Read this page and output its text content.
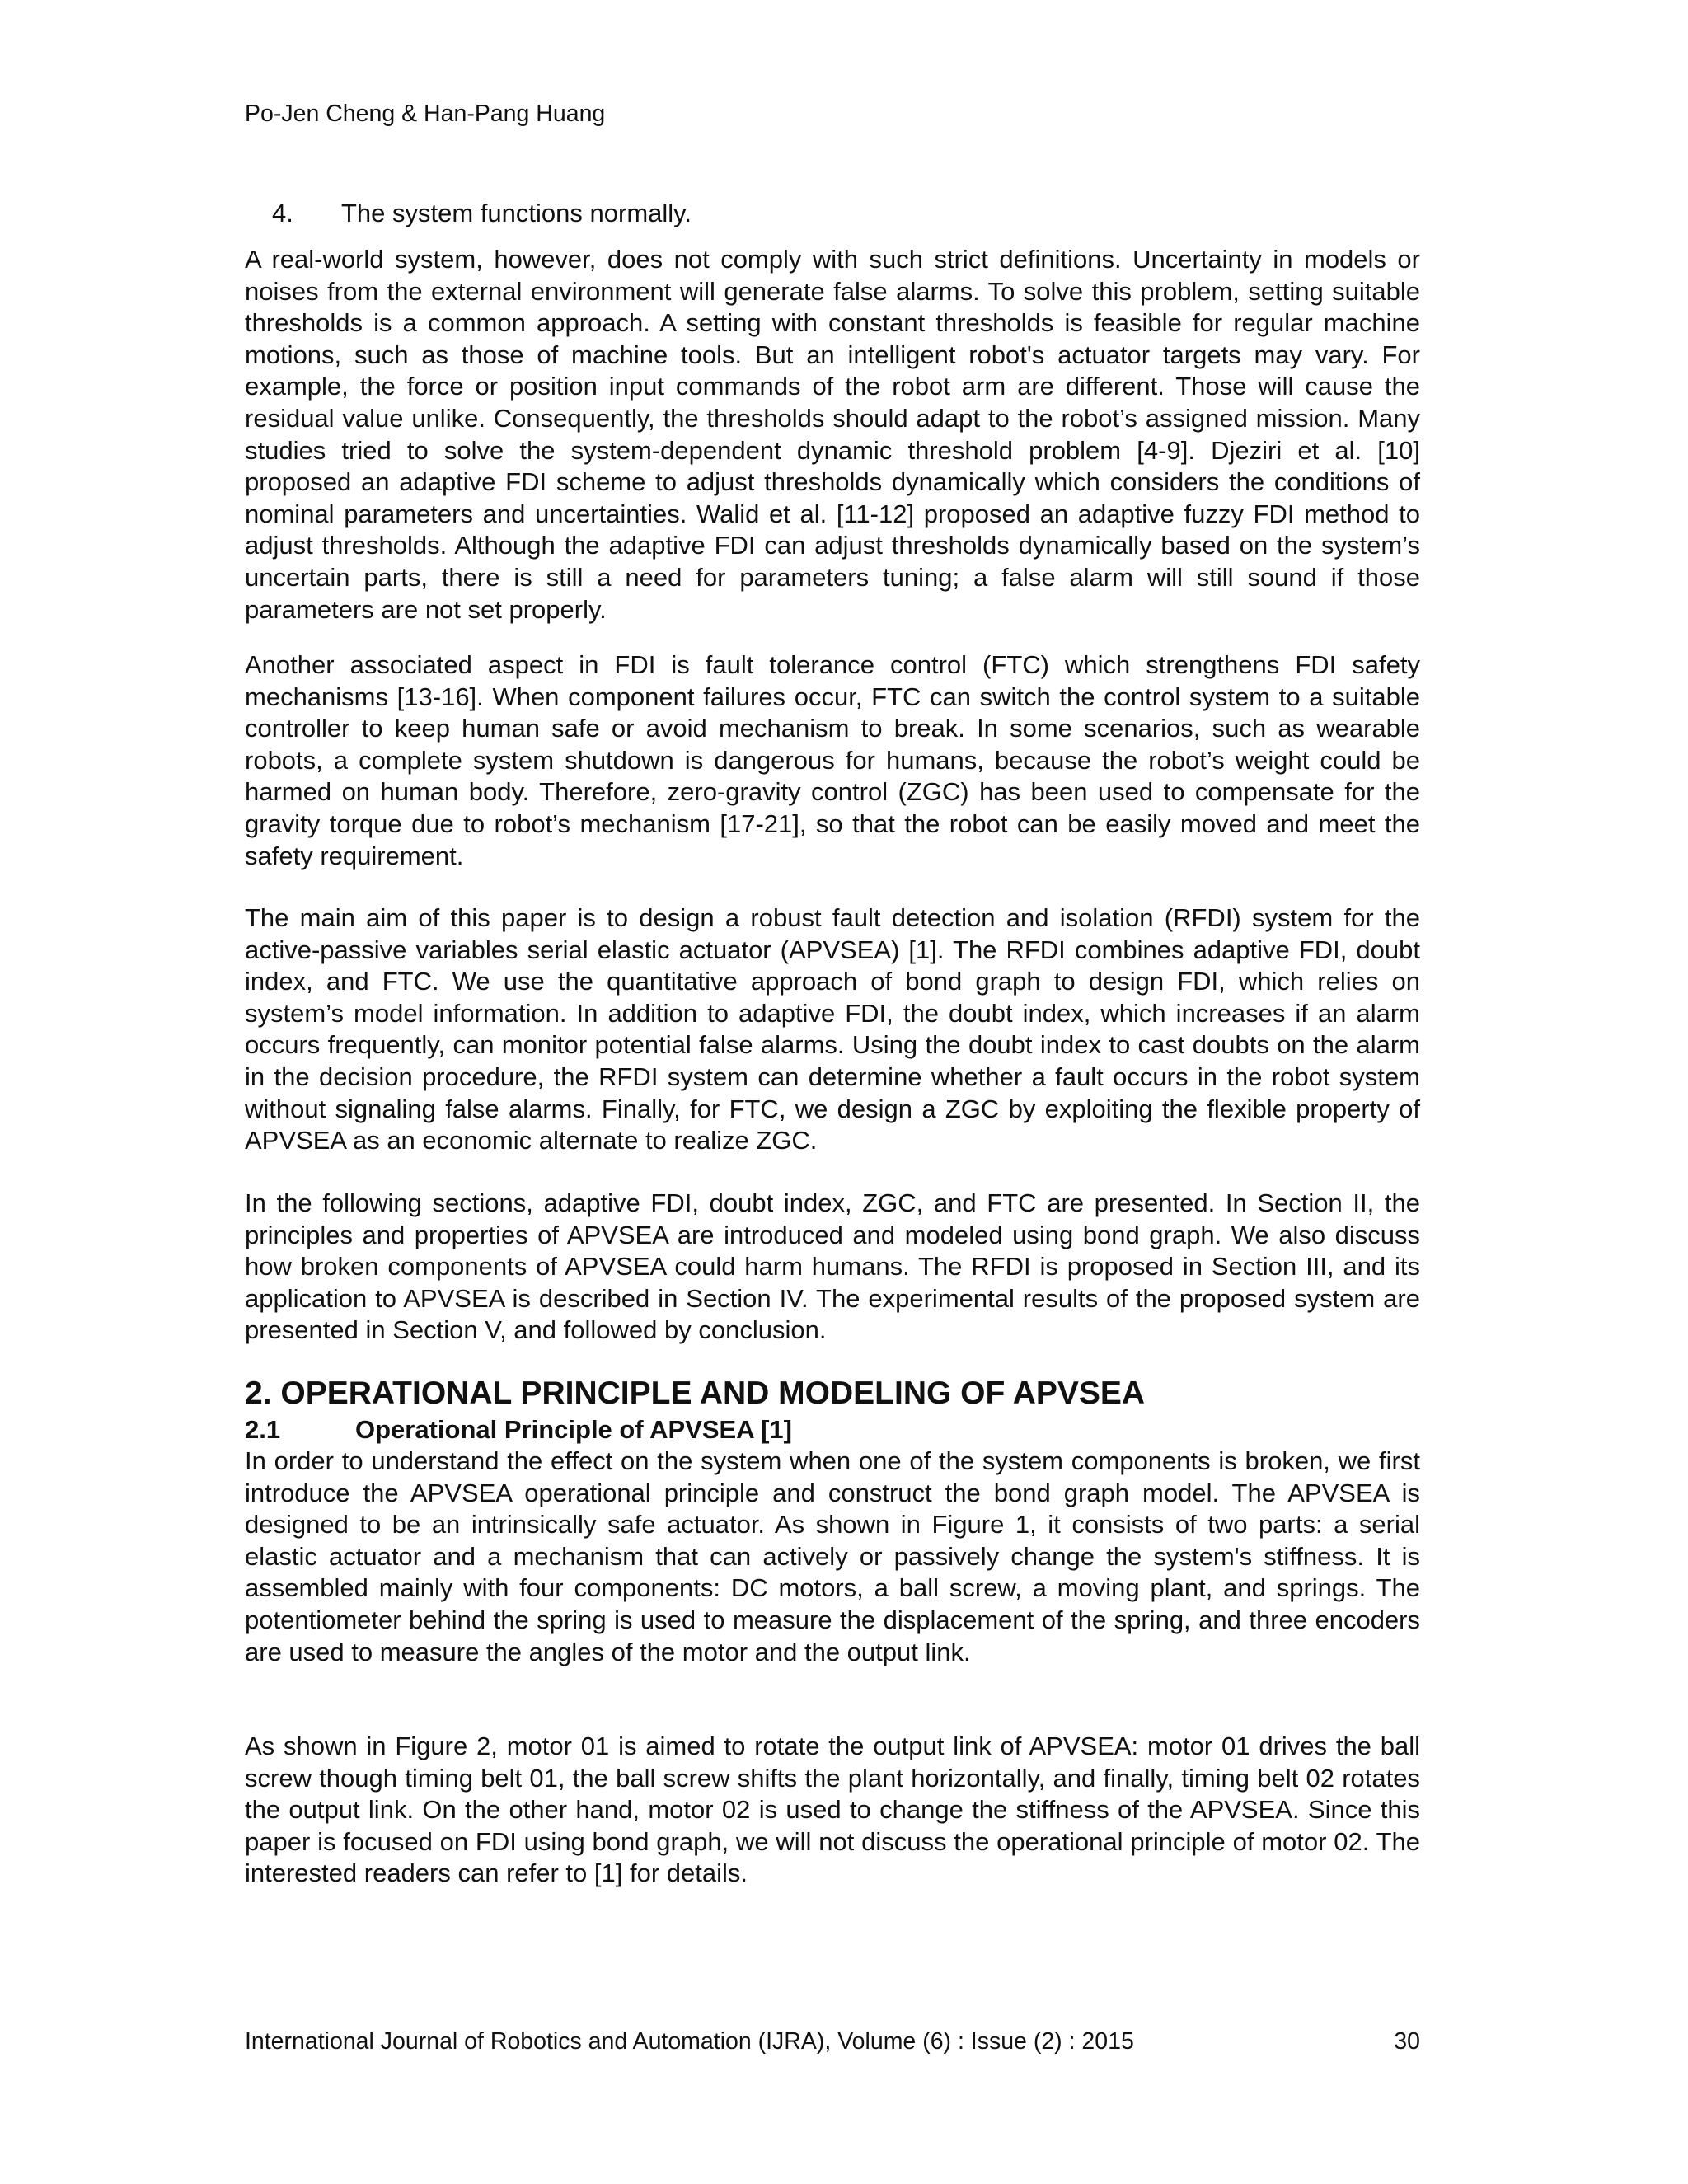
Po-Jen Cheng & Han-Pang Huang
4. The system functions normally.

A real-world system, however, does not comply with such strict definitions. Uncertainty in models or noises from the external environment will generate false alarms. To solve this problem, setting suitable thresholds is a common approach. A setting with constant thresholds is feasible for regular machine motions, such as those of machine tools. But an intelligent robot's actuator targets may vary. For example, the force or position input commands of the robot arm are different. Those will cause the residual value unlike. Consequently, the thresholds should adapt to the robot’s assigned mission. Many studies tried to solve the system-dependent dynamic threshold problem [4-9]. Djeziri et al. [10] proposed an adaptive FDI scheme to adjust thresholds dynamically which considers the conditions of nominal parameters and uncertainties. Walid et al. [11-12] proposed an adaptive fuzzy FDI method to adjust thresholds. Although the adaptive FDI can adjust thresholds dynamically based on the system’s uncertain parts, there is still a need for parameters tuning; a false alarm will still sound if those parameters are not set properly.

Another associated aspect in FDI is fault tolerance control (FTC) which strengthens FDI safety mechanisms [13-16]. When component failures occur, FTC can switch the control system to a suitable controller to keep human safe or avoid mechanism to break. In some scenarios, such as wearable robots, a complete system shutdown is dangerous for humans, because the robot’s weight could be harmed on human body. Therefore, zero-gravity control (ZGC) has been used to compensate for the gravity torque due to robot’s mechanism [17-21], so that the robot can be easily moved and meet the safety requirement.

The main aim of this paper is to design a robust fault detection and isolation (RFDI) system for the active-passive variables serial elastic actuator (APVSEA) [1]. The RFDI combines adaptive FDI, doubt index, and FTC. We use the quantitative approach of bond graph to design FDI, which relies on system’s model information. In addition to adaptive FDI, the doubt index, which increases if an alarm occurs frequently, can monitor potential false alarms. Using the doubt index to cast doubts on the alarm in the decision procedure, the RFDI system can determine whether a fault occurs in the robot system without signaling false alarms. Finally, for FTC, we design a ZGC by exploiting the flexible property of APVSEA as an economic alternate to realize ZGC.

In the following sections, adaptive FDI, doubt index, ZGC, and FTC are presented. In Section II, the principles and properties of APVSEA are introduced and modeled using bond graph. We also discuss how broken components of APVSEA could harm humans. The RFDI is proposed in Section III, and its application to APVSEA is described in Section IV. The experimental results of the proposed system are presented in Section V, and followed by conclusion.

2. OPERATIONAL PRINCIPLE AND MODELING OF APVSEA
2.1	Operational Principle of APVSEA [1]

In order to understand the effect on the system when one of the system components is broken, we first introduce the APVSEA operational principle and construct the bond graph model. The APVSEA is designed to be an intrinsically safe actuator. As shown in Figure 1, it consists of two parts: a serial elastic actuator and a mechanism that can actively or passively change the system's stiffness. It is assembled mainly with four components: DC motors, a ball screw, a moving plant, and springs. The potentiometer behind the spring is used to measure the displacement of the spring, and three encoders are used to measure the angles of the motor and the output link.

As shown in Figure 2, motor 01 is aimed to rotate the output link of APVSEA: motor 01 drives the ball screw though timing belt 01, the ball screw shifts the plant horizontally, and finally, timing belt 02 rotates the output link. On the other hand, motor 02 is used to change the stiffness of the APVSEA. Since this paper is focused on FDI using bond graph, we will not discuss the operational principle of motor 02. The interested readers can refer to [1] for details.

International Journal of Robotics and Automation (IJRA), Volume (6) : Issue (2) : 2015	30
